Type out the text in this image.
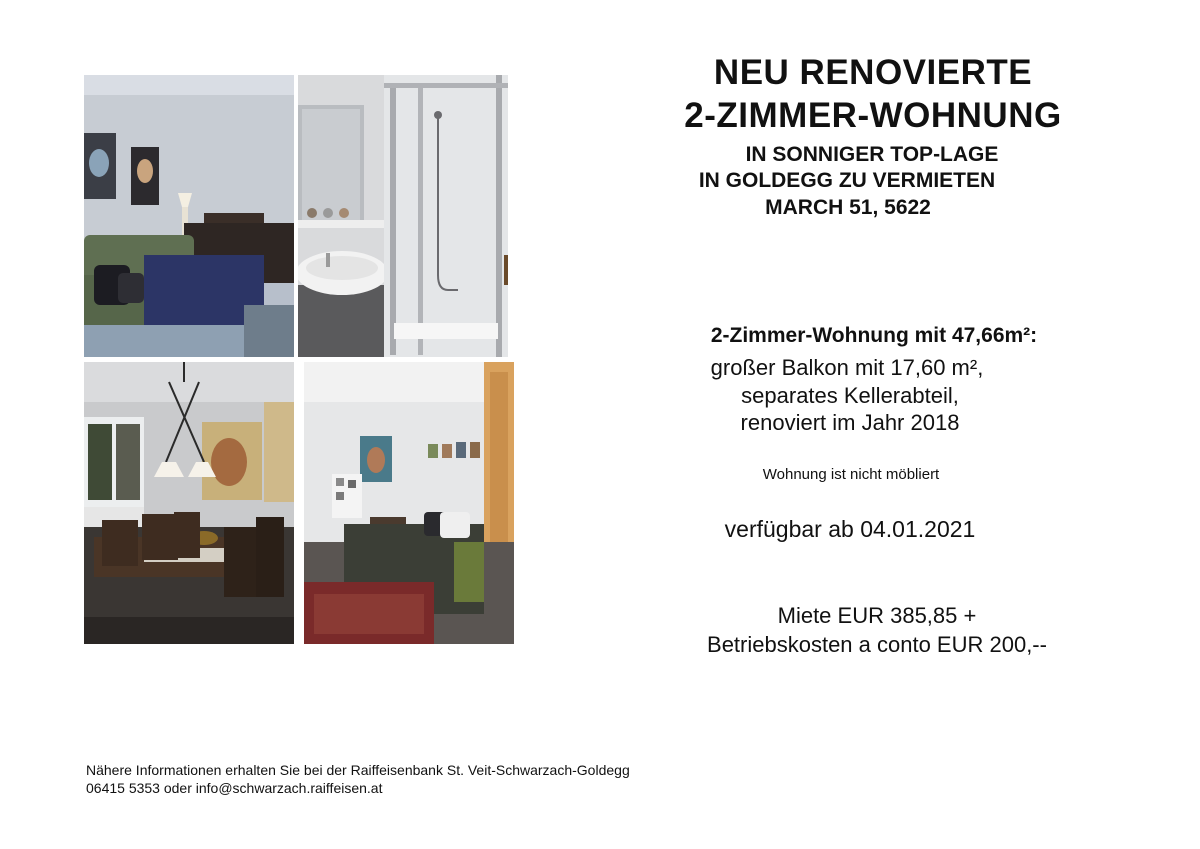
NEU RENOVIERTE
2-ZIMMER-WOHNUNG
IN SONNIGER TOP-LAGE
IN GOLDEGG ZU VERMIETEN
MARCH 51, 5622
2-Zimmer-Wohnung mit 47,66m²:
großer Balkon mit 17,60 m²,
separates Kellerabteil,
renoviert im Jahr 2018
Wohnung ist nicht möbliert
verfügbar ab 04.01.2021
Miete EUR 385,85 +
Betriebskosten a conto EUR 200,--
Nähere Informationen erhalten Sie bei der Raiffeisenbank St. Veit-Schwarzach-Goldegg
06415 5353 oder info@schwarzach.raiffeisen.at
